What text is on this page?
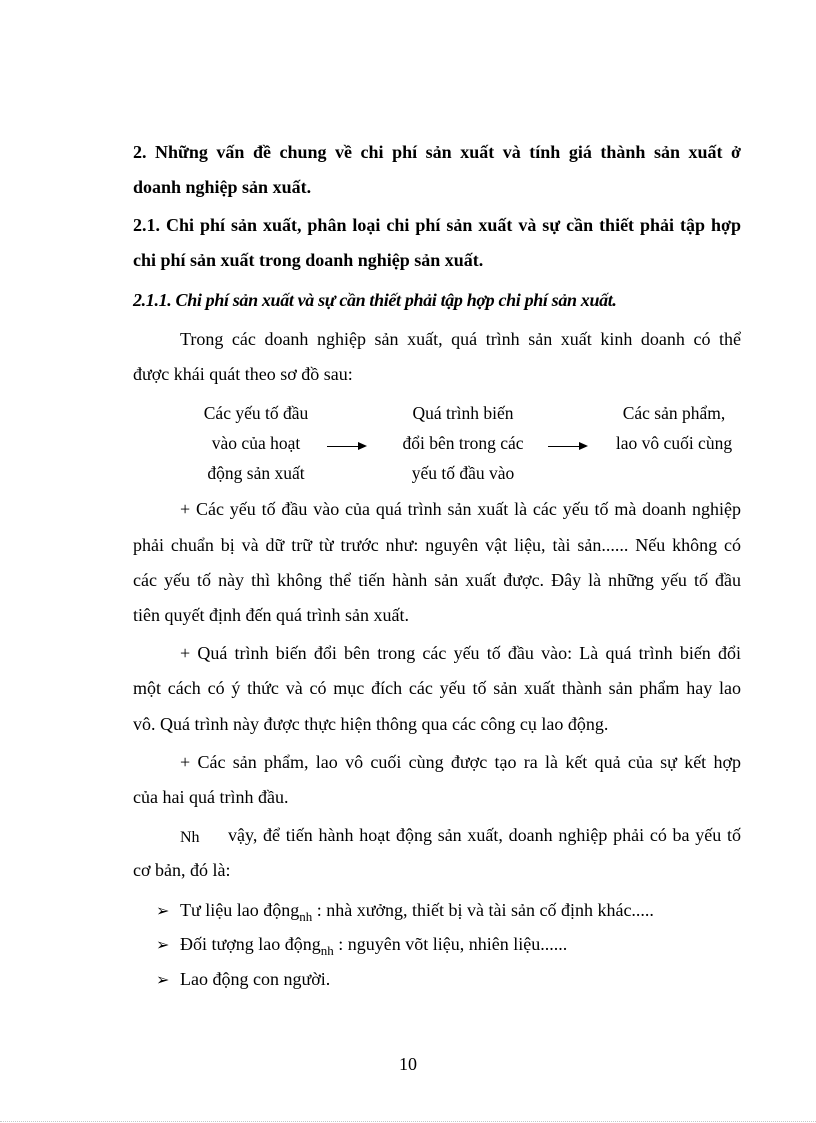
2. Những vấn đề chung về chi phí sản xuất và tính giá thành sản xuất ở
doanh nghiệp sản xuất.
2.1. Chi phí sản xuất, phân loại chi phí sản xuất và sự cần thiết phải tập hợp
chi phí sản xuất trong doanh nghiệp sản xuất.
2.1.1. Chi phí sản xuất và sự cần thiết phải tập hợp chi phí sản xuất.
Trong các doanh nghiệp sản xuất, quá trình sản xuất kinh doanh có thể
được khái quát theo sơ đồ sau:
Các yếu tố đầu
vào của hoạt
động sản xuất
Quá trình biến
đổi bên trong các
yếu tố đầu vào
Các sản phẩm,
lao vô cuối cùng
+ Các yếu tố đầu vào của quá trình sản xuất là các yếu tố mà doanh nghiệp
phải chuẩn bị và dữ trữ từ trước như: nguyên vật liệu, tài sản...... Nếu không có
các yếu tố này thì không thể tiến hành sản xuất được. Đây là những yếu tố đầu
tiên quyết định đến quá trình sản xuất.
+ Quá trình biến đổi bên trong các yếu tố đầu vào: Là quá trình biến đổi
một cách có ý thức và có mục đích các yếu tố sản xuất thành sản phẩm hay lao
vô. Quá trình này được thực hiện thông qua các công cụ lao động.
+ Các sản phẩm, lao vô cuối cùng được tạo ra là kết quả của sự kết hợp
của hai quá trình đầu.
Nh vậy, để tiến hành hoạt động sản xuất, doanh nghiệp phải có ba yếu tố
cơ bản, đó là:
➢ Tư liệu lao động$_{nh}$ : nhà xưởng, thiết bị và tài sản cố định khác.....
➢ Đối tượng lao động$_{nh}$ : nguyên võt liệu, nhiên liệu......
➢ Lao động con người.
10
